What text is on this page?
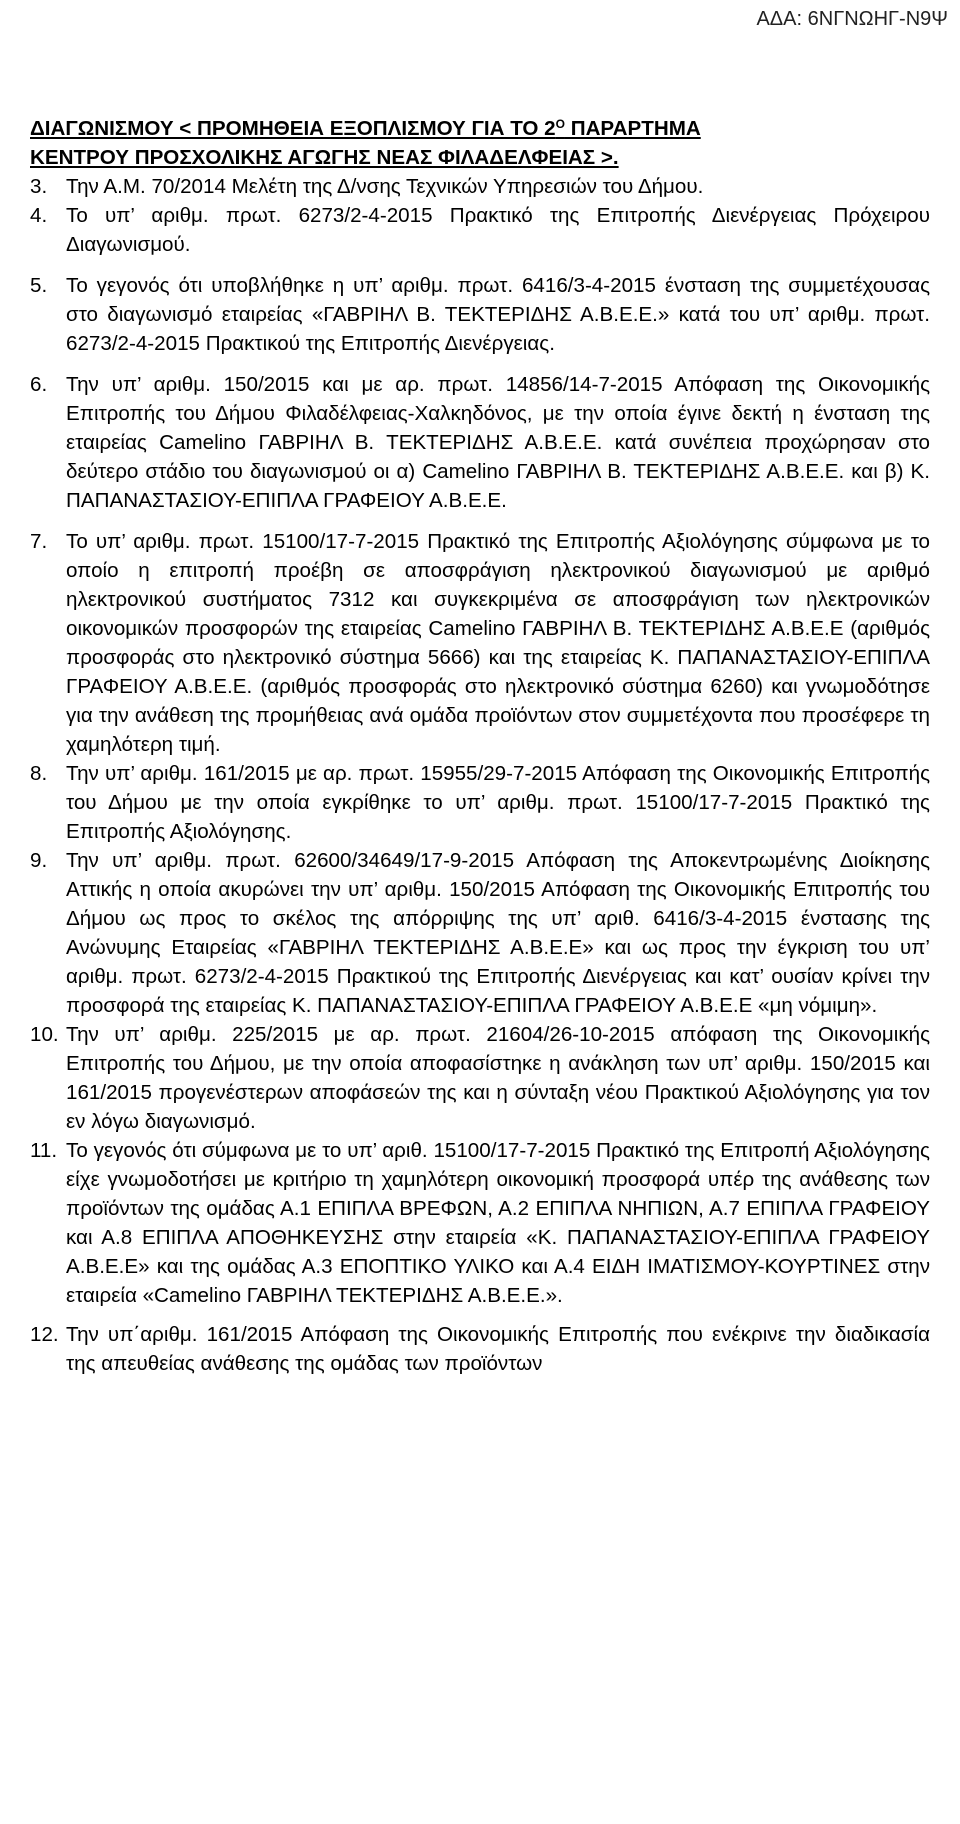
ΑΔΑ: 6ΝΓΝΩΗΓ-Ν9Ψ
ΔΙΑΓΩΝΙΣΜΟΥ < ΠΡΟΜΗΘΕΙΑ ΕΞΟΠΛΙΣΜΟΥ ΓΙΑ ΤΟ $2^O$ ΠΑΡΑΡΤΗΜΑ
ΚΕΝΤΡΟΥ ΠΡΟΣΧΟΛΙΚΗΣ ΑΓΩΓΗΣ ΝΕΑΣ ΦΙΛΑΔΕΛΦΕΙΑΣ >.
3. Την Α.Μ. 70/2014 Μελέτη της Δ/νσης Τεχνικών Υπηρεσιών του Δήμου.
4. Το υπ’ αριθμ. πρωτ. 6273/2-4-2015 Πρακτικό της Επιτροπής Διενέργειας Πρόχειρου Διαγωνισμού.
5. Το γεγονός ότι υποβλήθηκε η υπ’ αριθμ. πρωτ. 6416/3-4-2015 ένσταση της συμμετέχουσας στο διαγωνισμό εταιρείας «ΓΑΒΡΙΗΛ Β. ΤΕΚΤΕΡΙΔΗΣ Α.Β.Ε.Ε.» κατά του υπ’ αριθμ. πρωτ. 6273/2-4-2015 Πρακτικού της Επιτροπής Διενέργειας.
6. Την υπ’ αριθμ. 150/2015 και με αρ. πρωτ. 14856/14-7-2015 Απόφαση της Οικονομικής Επιτροπής του Δήμου Φιλαδέλφειας-Χαλκηδόνος, με την οποία έγινε δεκτή η ένσταση της εταιρείας Camelino ΓΑΒΡΙΗΛ Β. ΤΕΚΤΕΡΙΔΗΣ Α.Β.Ε.Ε. κατά συνέπεια προχώρησαν στο δεύτερο στάδιο του διαγωνισμού οι α) Camelino ΓΑΒΡΙΗΛ Β. ΤΕΚΤΕΡΙΔΗΣ Α.Β.Ε.Ε. και β) Κ. ΠΑΠΑΝΑΣΤΑΣΙΟΥ-ΕΠΙΠΛΑ ΓΡΑΦΕΙΟΥ Α.Β.Ε.Ε.
7. Το υπ’ αριθμ. πρωτ. 15100/17-7-2015 Πρακτικό της Επιτροπής Αξιολόγησης σύμφωνα με το οποίο η επιτροπή προέβη σε αποσφράγιση ηλεκτρονικού διαγωνισμού με αριθμό ηλεκτρονικού συστήματος 7312 και συγκεκριμένα σε αποσφράγιση των ηλεκτρονικών οικονομικών προσφορών της εταιρείας Camelino ΓΑΒΡΙΗΛ Β. ΤΕΚΤΕΡΙΔΗΣ Α.Β.Ε.Ε (αριθμός προσφοράς στο ηλεκτρονικό σύστημα 5666) και της εταιρείας Κ. ΠΑΠΑΝΑΣΤΑΣΙΟΥ-ΕΠΙΠΛΑ ΓΡΑΦΕΙΟΥ Α.Β.Ε.Ε. (αριθμός προσφοράς στο ηλεκτρονικό σύστημα 6260) και γνωμοδότησε για την ανάθεση της προμήθειας ανά ομάδα προϊόντων στον συμμετέχοντα που προσέφερε τη χαμηλότερη τιμή.
8. Την υπ’ αριθμ. 161/2015 με αρ. πρωτ. 15955/29-7-2015 Απόφαση της Οικονομικής Επιτροπής του Δήμου με την οποία εγκρίθηκε το υπ’ αριθμ. πρωτ. 15100/17-7-2015 Πρακτικό της Επιτροπής Αξιολόγησης.
9. Την υπ’ αριθμ. πρωτ. 62600/34649/17-9-2015 Απόφαση της Αποκεντρωμένης Διοίκησης Αττικής η οποία ακυρώνει την υπ’ αριθμ. 150/2015 Απόφαση της Οικονομικής Επιτροπής του Δήμου ως προς το σκέλος της απόρριψης της υπ’ αριθ. 6416/3-4-2015 ένστασης της Ανώνυμης Εταιρείας «ΓΑΒΡΙΗΛ ΤΕΚΤΕΡΙΔΗΣ Α.Β.Ε.Ε» και ως προς την έγκριση του υπ’ αριθμ. πρωτ. 6273/2-4-2015 Πρακτικού της Επιτροπής Διενέργειας και κατ’ ουσίαν κρίνει την προσφορά της εταιρείας Κ. ΠΑΠΑΝΑΣΤΑΣΙΟΥ-ΕΠΙΠΛΑ ΓΡΑΦΕΙΟΥ Α.Β.Ε.Ε «μη νόμιμη».
10. Την υπ’ αριθμ. 225/2015 με αρ. πρωτ. 21604/26-10-2015 απόφαση της Οικονομικής Επιτροπής του Δήμου, με την οποία αποφασίστηκε η ανάκληση των υπ’ αριθμ. 150/2015 και 161/2015 προγενέστερων αποφάσεών της και η σύνταξη νέου Πρακτικού Αξιολόγησης για τον εν λόγω διαγωνισμό.
11. Το γεγονός ότι σύμφωνα με το υπ’ αριθ. 15100/17-7-2015 Πρακτικό της Επιτροπή Αξιολόγησης είχε γνωμοδοτήσει με κριτήριο τη χαμηλότερη οικονομική προσφορά υπέρ της ανάθεσης των προϊόντων της ομάδας Α.1 ΕΠΙΠΛΑ ΒΡΕΦΩΝ, Α.2 ΕΠΙΠΛΑ ΝΗΠΙΩΝ, Α.7 ΕΠΙΠΛΑ ΓΡΑΦΕΙΟΥ και Α.8 ΕΠΙΠΛΑ ΑΠΟΘΗΚΕΥΣΗΣ στην εταιρεία «Κ. ΠΑΠΑΝΑΣΤΑΣΙΟΥ-ΕΠΙΠΛΑ ΓΡΑΦΕΙΟΥ Α.Β.Ε.Ε» και της ομάδας Α.3 ΕΠΟΠΤΙΚΟ ΥΛΙΚΟ και Α.4 ΕΙΔΗ ΙΜΑΤΙΣΜΟΥ-ΚΟΥΡΤΙΝΕΣ στην εταιρεία «Camelino ΓΑΒΡΙΗΛ ΤΕΚΤΕΡΙΔΗΣ Α.Β.Ε.Ε.».
12. Την υπ΄αριθμ. 161/2015 Απόφαση της Οικονομικής Επιτροπής που ενέκρινε την διαδικασία της απευθείας ανάθεσης της ομάδας των προϊόντων
